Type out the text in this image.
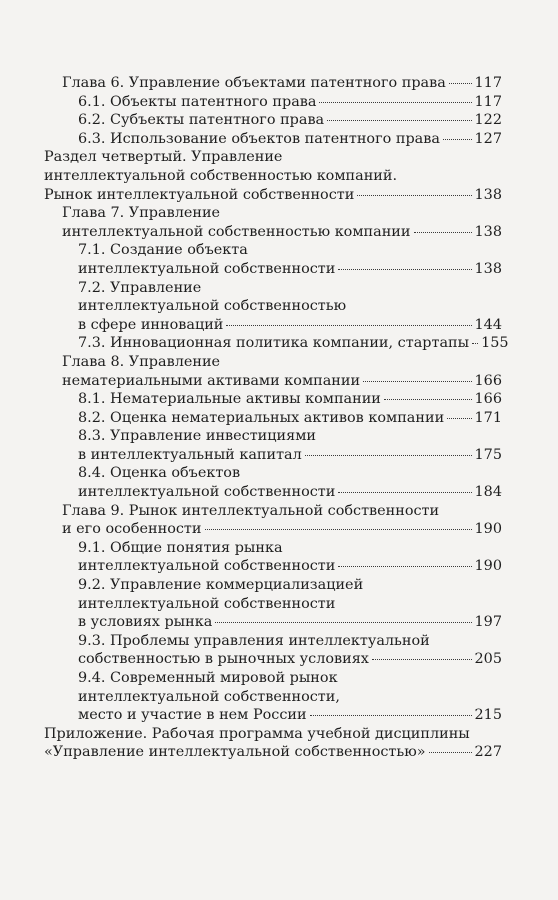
Глава 6. Управление объектами патентного права 117
6.1. Объекты патентного права	117
6.2. Субъекты патентного права	122
6.3. Использование объектов патентного права 127
Раздел четвертый. Управление
интеллектуальной собственностью компаний.
Рынок интеллектуальной собственности	138
Глава 7. Управление
интеллектуальной собственностью компании	138
7.1. Создание объекта
интеллектуальной собственности	138
7.2. Управление
интеллектуальной собственностью
в сфере инноваций	144
7.3. Инновационная политика компании, стартапы 155
Глава 8. Управление
нематериальными активами компании	166
8.1. Нематериальные активы компании	166
8.2. Оценка нематериальных активов компании 171
8.3. Управление инвестициями
в интеллектуальный капитал	175
8.4. Оценка объектов
интеллектуальной собственности	184
Глава 9. Рынок интеллектуальной собственности
и его особенности	190
9.1. Общие понятия рынка
интеллектуальной собственности	190
9.2. Управление коммерциализацией
интеллектуальной собственности
в условиях рынка	197
9.3. Проблемы управления интеллектуальной
собственностью в рыночных условиях	205
9.4. Современный мировой рынок
интеллектуальной собственности,
место и участие в нем России	215
Приложение. Рабочая программа учебной дисциплины
«Управление интеллектуальной собственностью»	227
